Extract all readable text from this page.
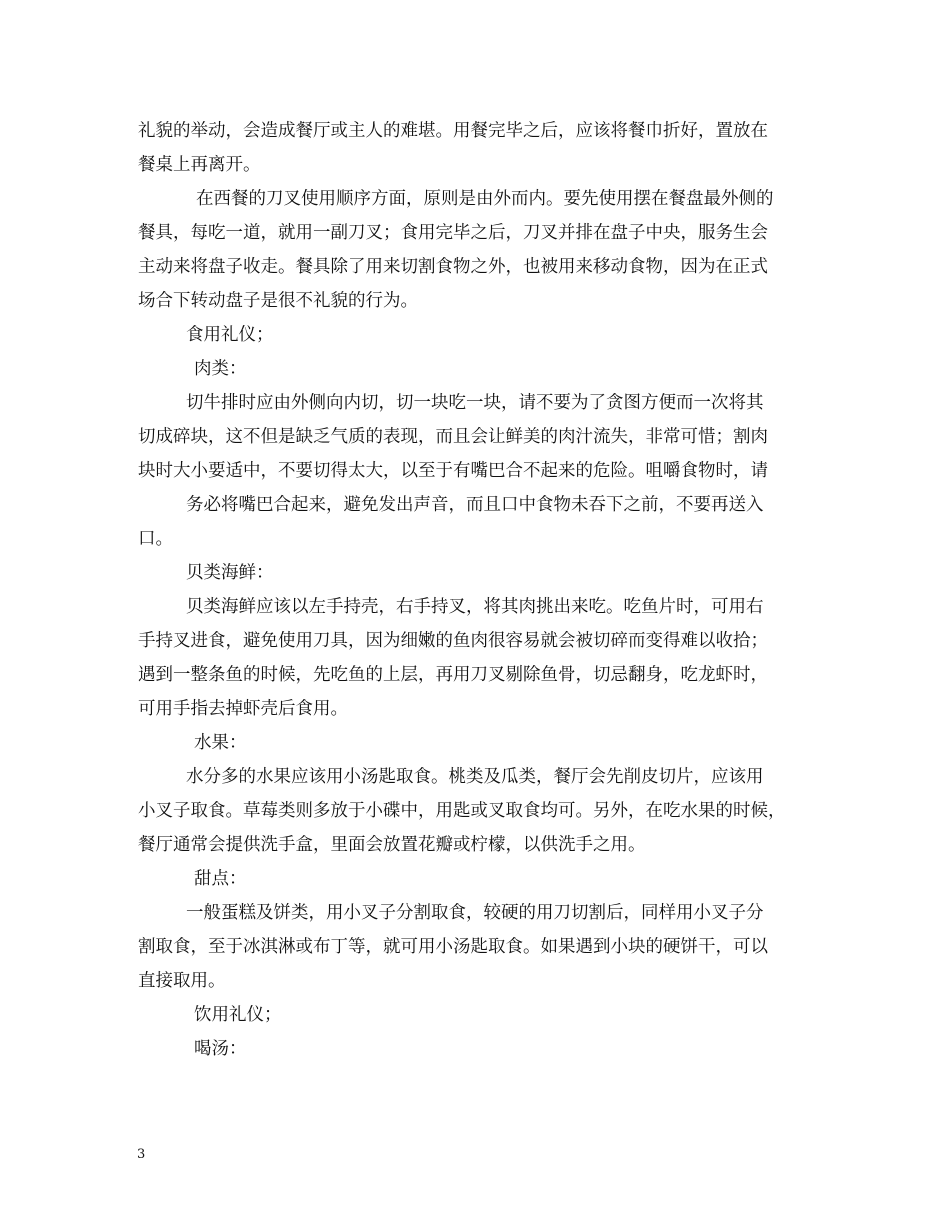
礼貌的举动，会造成餐厅或主人的难堪。用餐完毕之后，应该将餐巾折好，置放在
餐桌上再离开。
在西餐的刀叉使用顺序方面，原则是由外而内。要先使用摆在餐盘最外侧的
餐具，每吃一道，就用一副刀叉；食用完毕之后，刀叉并排在盘子中央，服务生会
主动来将盘子收走。餐具除了用来切割食物之外，也被用来移动食物，因为在正式
场合下转动盘子是很不礼貌的行为。
食用礼仪；
肉类：
切牛排时应由外侧向内切，切一块吃一块，请不要为了贪图方便而一次将其
切成碎块，这不但是缺乏气质的表现，而且会让鲜美的肉汁流失，非常可惜；割肉
块时大小要适中，不要切得太大，以至于有嘴巴合不起来的危险。咀嚼食物时，请
务必将嘴巴合起来，避免发出声音，而且口中食物未吞下之前，不要再送入
口。
贝类海鲜：
贝类海鲜应该以左手持壳，右手持叉，将其肉挑出来吃。吃鱼片时，可用右
手持叉进食，避免使用刀具，因为细嫩的鱼肉很容易就会被切碎而变得难以收拾；
遇到一整条鱼的时候，先吃鱼的上层，再用刀叉剔除鱼骨，切忌翻身，吃龙虾时，
可用手指去掉虾壳后食用。
水果：
水分多的水果应该用小汤匙取食。桃类及瓜类，餐厅会先削皮切片，应该用
小叉子取食。草莓类则多放于小碟中，用匙或叉取食均可。另外，在吃水果的时候，
餐厅通常会提供洗手盒，里面会放置花瓣或柠檬，以供洗手之用。
甜点：
一般蛋糕及饼类，用小叉子分割取食，较硬的用刀切割后，同样用小叉子分
割取食，至于冰淇淋或布丁等，就可用小汤匙取食。如果遇到小块的硬饼干，可以
直接取用。
饮用礼仪；
喝汤：
3
